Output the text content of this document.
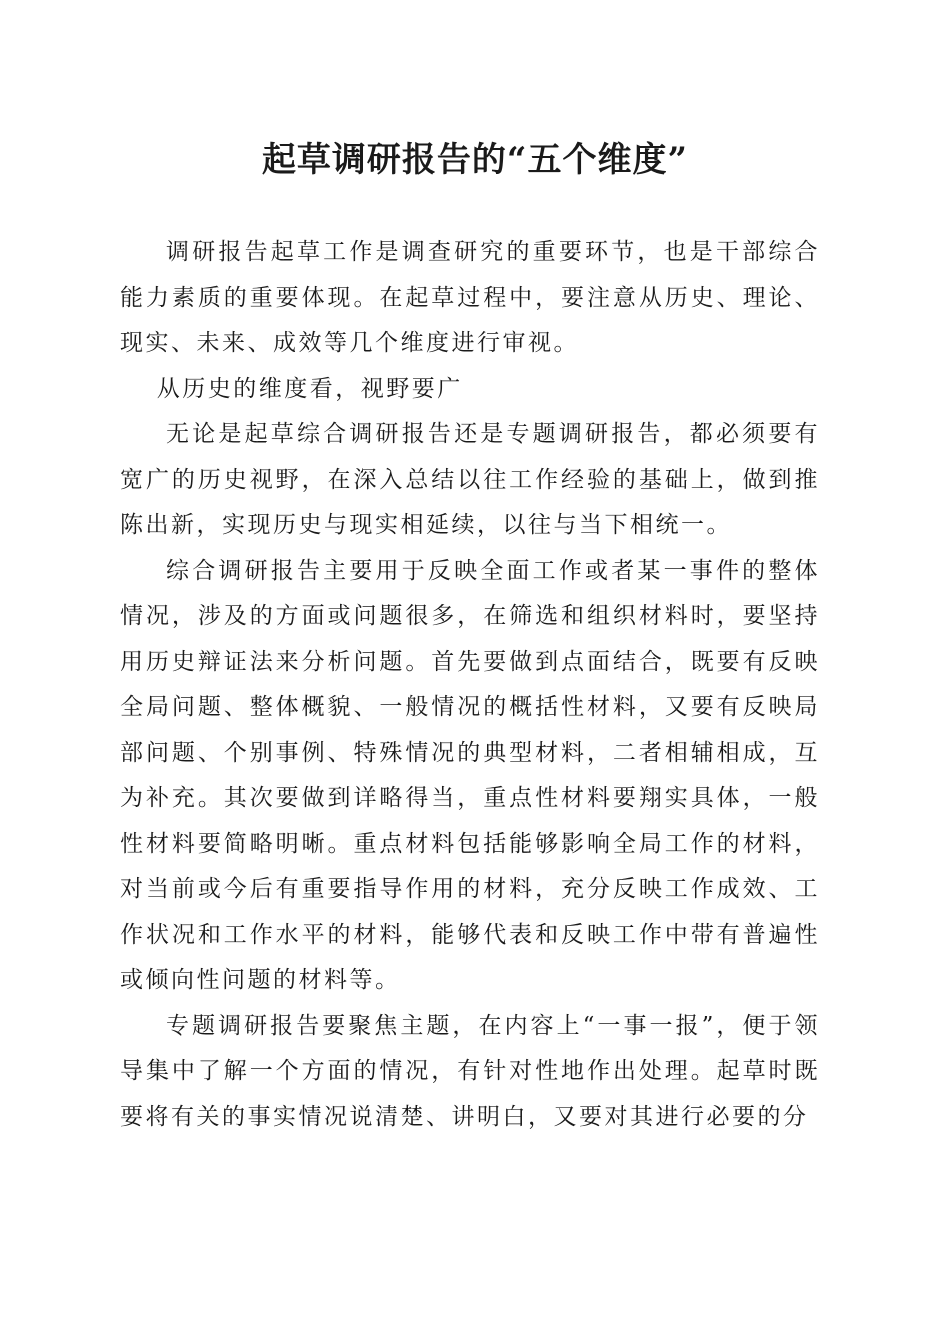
起草调研报告的“五个维度”

调研报告起草工作是调查研究的重要环节，也是干部综合能力素质的重要体现。在起草过程中，要注意从历史、理论、现实、未来、成效等几个维度进行审视。

从历史的维度看，视野要广

无论是起草综合调研报告还是专题调研报告，都必须要有宽广的历史视野，在深入总结以往工作经验的基础上，做到推陈出新，实现历史与现实相延续，以往与当下相统一。

综合调研报告主要用于反映全面工作或者某一事件的整体情况，涉及的方面或问题很多，在筛选和组织材料时，要坚持用历史辩证法来分析问题。首先要做到点面结合，既要有反映全局问题、整体概貌、一般情况的概括性材料，又要有反映局部问题、个别事例、特殊情况的典型材料，二者相辅相成，互为补充。其次要做到详略得当，重点性材料要翔实具体，一般性材料要简略明晰。重点材料包括能够影响全局工作的材料，对当前或今后有重要指导作用的材料，充分反映工作成效、工作状况和工作水平的材料，能够代表和反映工作中带有普遍性或倾向性问题的材料等。

专题调研报告要聚焦主题，在内容上“一事一报”，便于领导集中了解一个方面的情况，有针对性地作出处理。起草时既要将有关的事实情况说清楚、讲明白，又要对其进行必要的分
